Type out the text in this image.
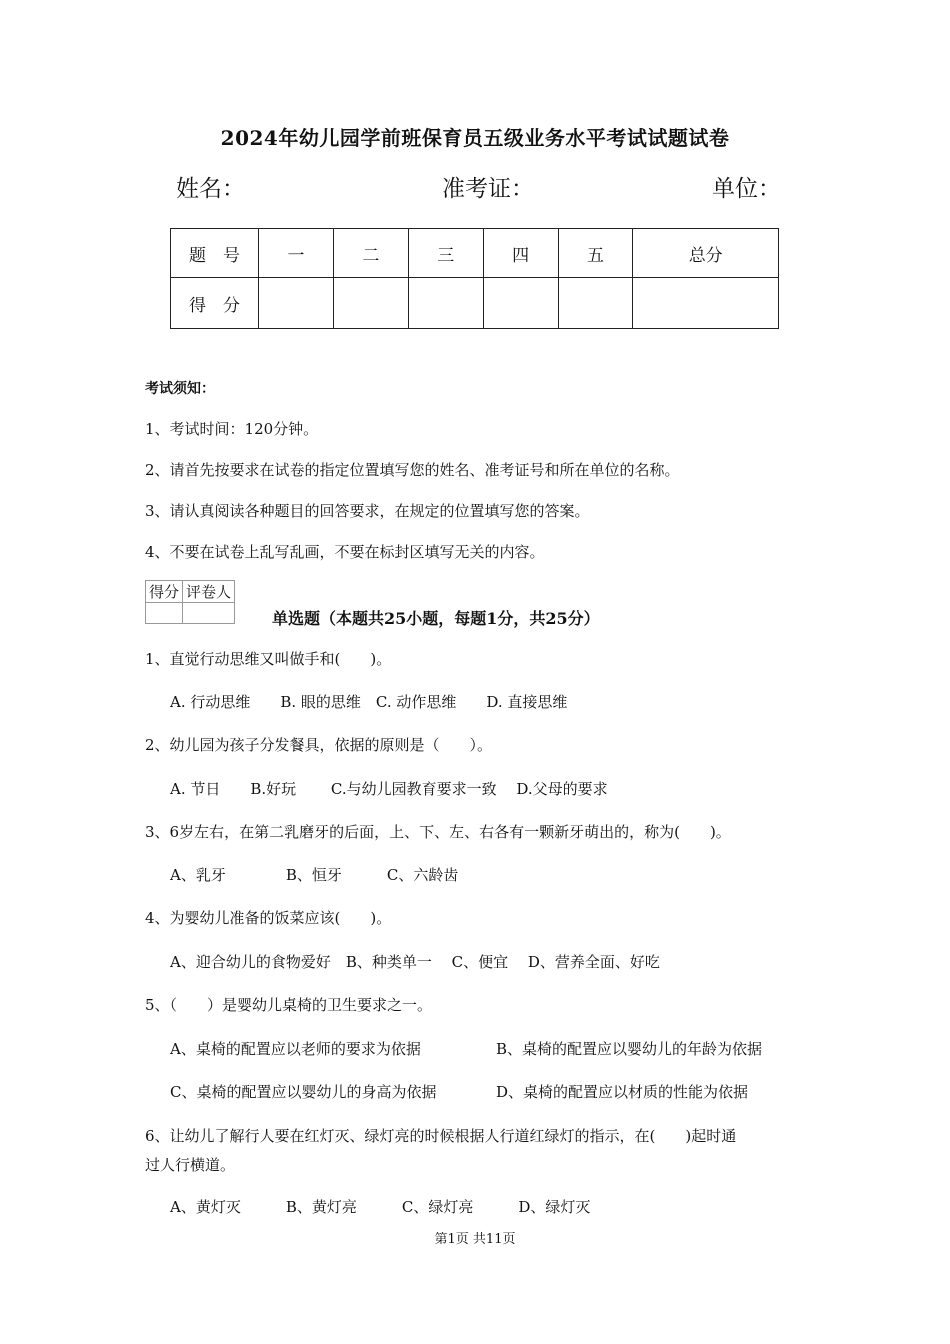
2024年幼儿园学前班保育员五级业务水平考试试题试卷
姓名：	准考证：	单位：
题　号	一	二	三	四	五	总分
得　分						
考试须知：
1、考试时间：120分钟。
2、请首先按要求在试卷的指定位置填写您的姓名、准考证号和所在单位的名称。
3、请认真阅读各种题目的回答要求，在规定的位置填写您的答案。
4、不要在试卷上乱写乱画，不要在标封区填写无关的内容。
得分	评卷人

单选题（本题共25小题，每题1分，共25分）
1、直觉行动思维又叫做手和(　　)。
A. 行动思维　　B. 眼的思维　C. 动作思维　　D. 直接思维
2、幼儿园为孩子分发餐具，依据的原则是（　　）。
A. 节日　　B.好玩　　 C.与幼儿园教育要求一致　 D.父母的要求
3、6岁左右，在第二乳磨牙的后面，上、下、左、右各有一颗新牙萌出的，称为(　　)。
A、乳牙　　　　B、恒牙　　　C、六龄齿
4、为婴幼儿准备的饭菜应该(　　)。
A、迎合幼儿的食物爱好　B、种类单一　 C、便宜　 D、营养全面、好吃
5、（　　）是婴幼儿桌椅的卫生要求之一。
A、桌椅的配置应以老师的要求为依据	B、桌椅的配置应以婴幼儿的年龄为依据
C、桌椅的配置应以婴幼儿的身高为依据	D、桌椅的配置应以材质的性能为依据
6、让幼儿了解行人要在红灯灭、绿灯亮的时候根据人行道红绿灯的指示，在(　　)起时通
过人行横道。
A、黄灯灭　　　B、黄灯亮　　　C、绿灯亮　　　D、绿灯灭
第1页 共11页
